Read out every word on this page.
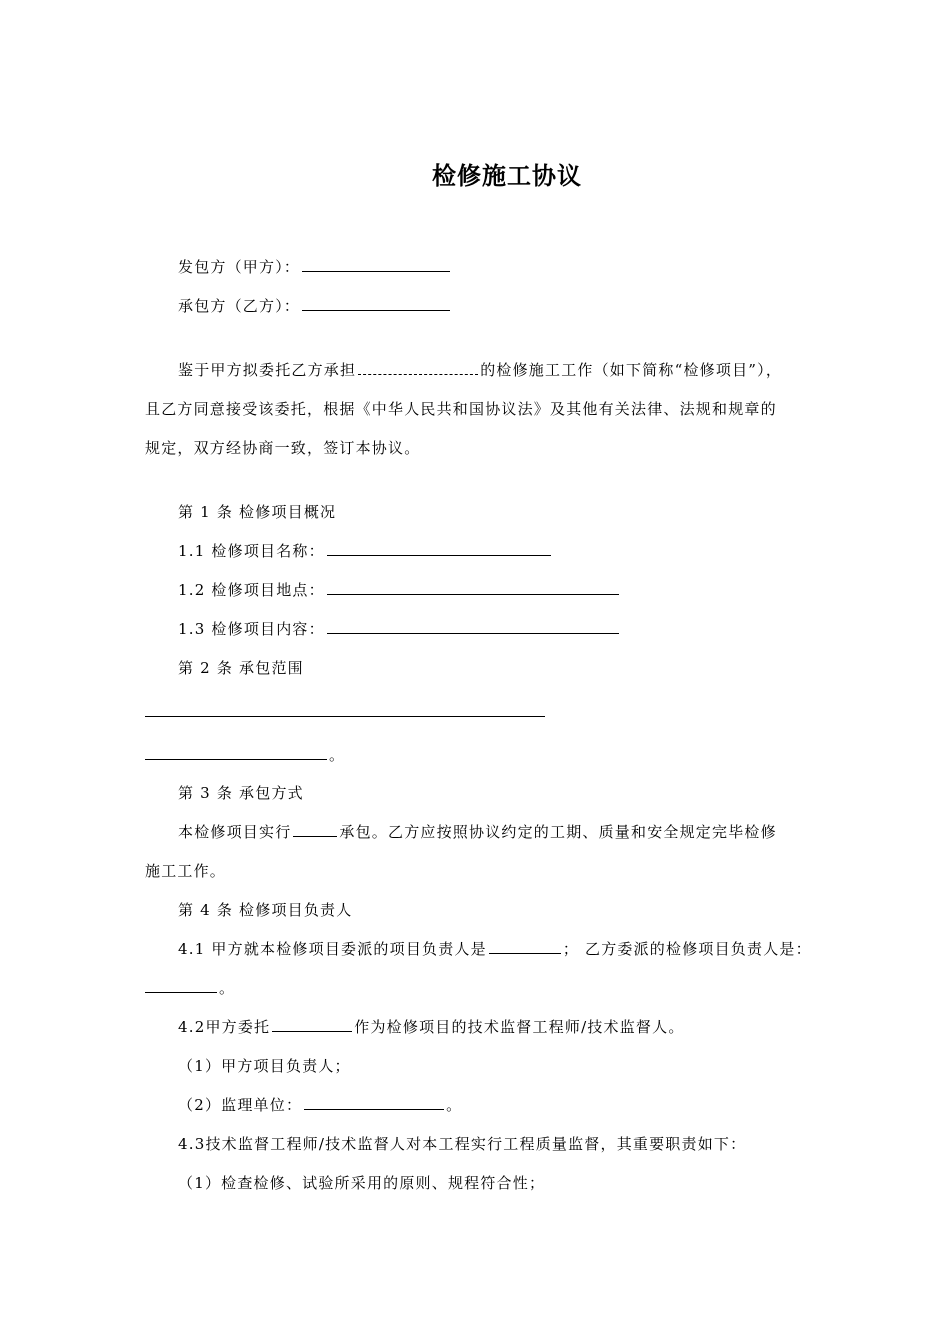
检修施工协议
发包方（甲方）：
承包方（乙方）：
鉴于甲方拟委托乙方承担	的检修施工工作（如下简称“检修项目”），
且乙方同意接受该委托，根据《中华人民共和国协议法》及其他有关法律、法规和规章的
规定，双方经协商一致，签订本协议。
第 1 条 检修项目概况
1.1 检修项目名称：
1.2 检修项目地点：
1.3 检修项目内容：
第 2 条 承包范围
。
第 3 条 承包方式
本检修项目实行	承包。乙方应按照协议约定的工期、质量和安全规定完毕检修
施工工作。
第 4 条 检修项目负责人
4.1 甲方就本检修项目委派的项目负责人是	； 乙方委派的检修项目负责人是：
。
4.2甲方委托	作为检修项目的技术监督工程师/技术监督人。
（1）甲方项目负责人；
（2）监理单位：	。
4.3技术监督工程师/技术监督人对本工程实行工程质量监督，其重要职责如下：
（1）检查检修、试验所采用的原则、规程符合性；
